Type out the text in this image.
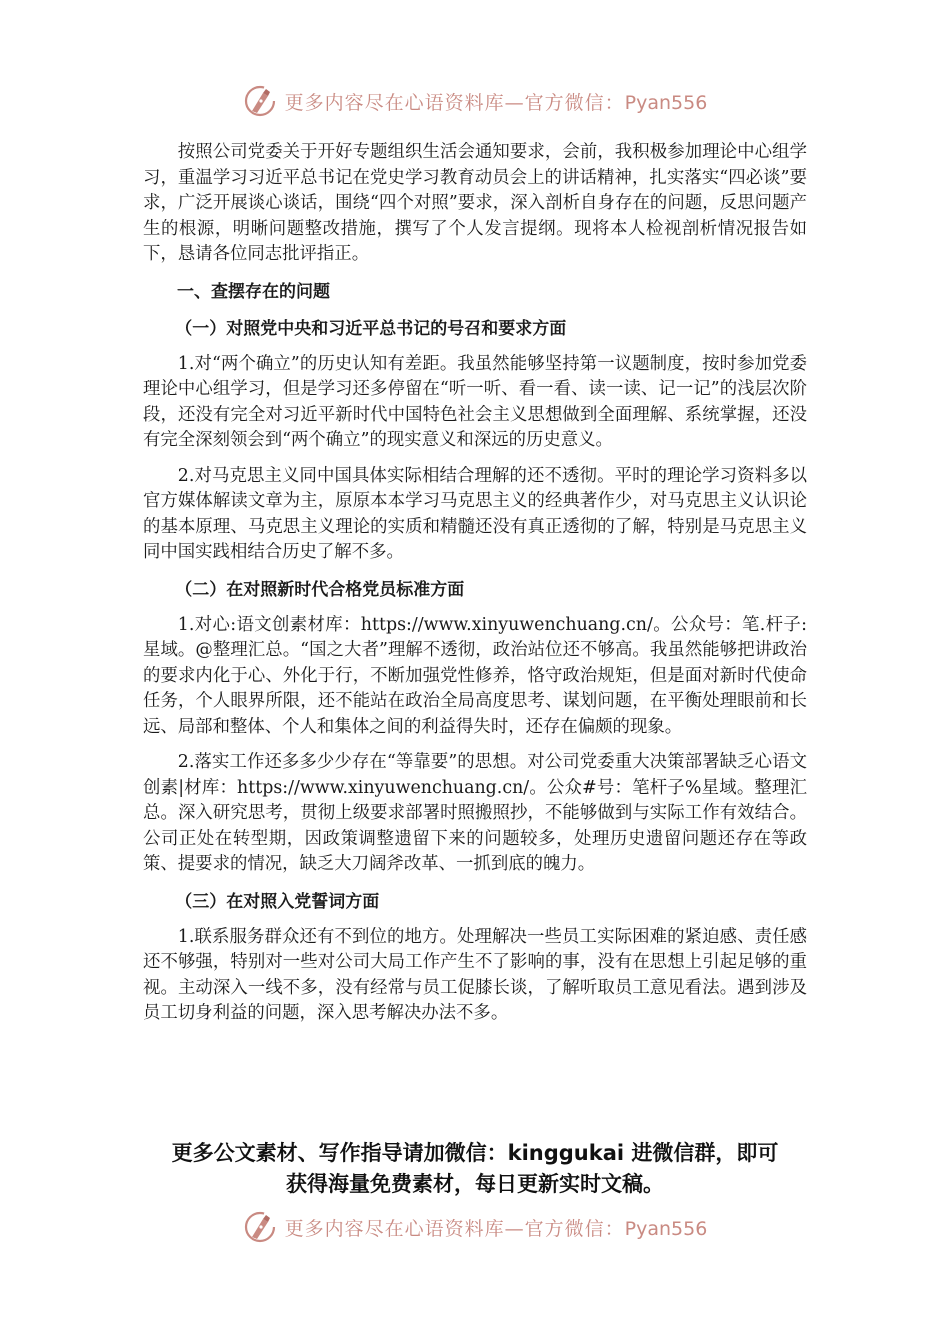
更多内容尽在心语资料库—官方微信：Pyan556

按照公司党委关于开好专题组织生活会通知要求，会前，我积极参加理论中心组学习，重温学习习近平总书记在党史学习教育动员会上的讲话精神，扎实落实“四必谈”要求，广泛开展谈心谈话，围绕“四个对照”要求，深入剖析自身存在的问题，反思问题产生的根源，明晰问题整改措施，撰写了个人发言提纲。现将本人检视剖析情况报告如下，恳请各位同志批评指正。

一、查摆存在的问题
（一）对照党中央和习近平总书记的号召和要求方面

1.对“两个确立”的历史认知有差距。我虽然能够坚持第一议题制度，按时参加党委理论中心组学习，但是学习还多停留在“听一听、看一看、读一读、记一记”的浅层次阶段，还没有完全对习近平新时代中国特色社会主义思想做到全面理解、系统掌握，还没有完全深刻领会到“两个确立”的现实意义和深远的历史意义。

2.对马克思主义同中国具体实际相结合理解的还不透彻。平时的理论学习资料多以官方媒体解读文章为主，原原本本学习马克思主义的经典著作少，对马克思主义认识论的基本原理、马克思主义理论的实质和精髓还没有真正透彻的了解，特别是马克思主义同中国实践相结合历史了解不多。

（二）在对照新时代合格党员标准方面

1.对心:语文创素材库：https://www.xinyuwenchuang.cn/。公众号：笔.杆子:星域。@整理汇总。“国之大者”理解不透彻，政治站位还不够高。我虽然能够把讲政治的要求内化于心、外化于行，不断加强党性修养，恪守政治规矩，但是面对新时代使命任务，个人眼界所限，还不能站在政治全局高度思考、谋划问题，在平衡处理眼前和长远、局部和整体、个人和集体之间的利益得失时，还存在偏颇的现象。

2.落实工作还多多少少存在“等靠要”的思想。对公司党委重大决策部署缺乏心语文创素|材库：https://www.xinyuwenchuang.cn/。公众#号：笔杆子%星域。整理汇总。深入研究思考，贯彻上级要求部署时照搬照抄，不能够做到与实际工作有效结合。公司正处在转型期，因政策调整遗留下来的问题较多，处理历史遗留问题还存在等政策、提要求的情况，缺乏大刀阔斧改革、一抓到底的魄力。

（三）在对照入党誓词方面

1.联系服务群众还有不到位的地方。处理解决一些员工实际困难的紧迫感、责任感还不够强，特别对一些对公司大局工作产生不了影响的事，没有在思想上引起足够的重视。主动深入一线不多，没有经常与员工促膝长谈，了解听取员工意见看法。遇到涉及员工切身利益的问题，深入思考解决办法不多。

更多公文素材、写作指导请加微信：kinggukai 进微信群，即可
获得海量免费素材，每日更新实时文稿。
更多内容尽在心语资料库—官方微信：Pyan556
